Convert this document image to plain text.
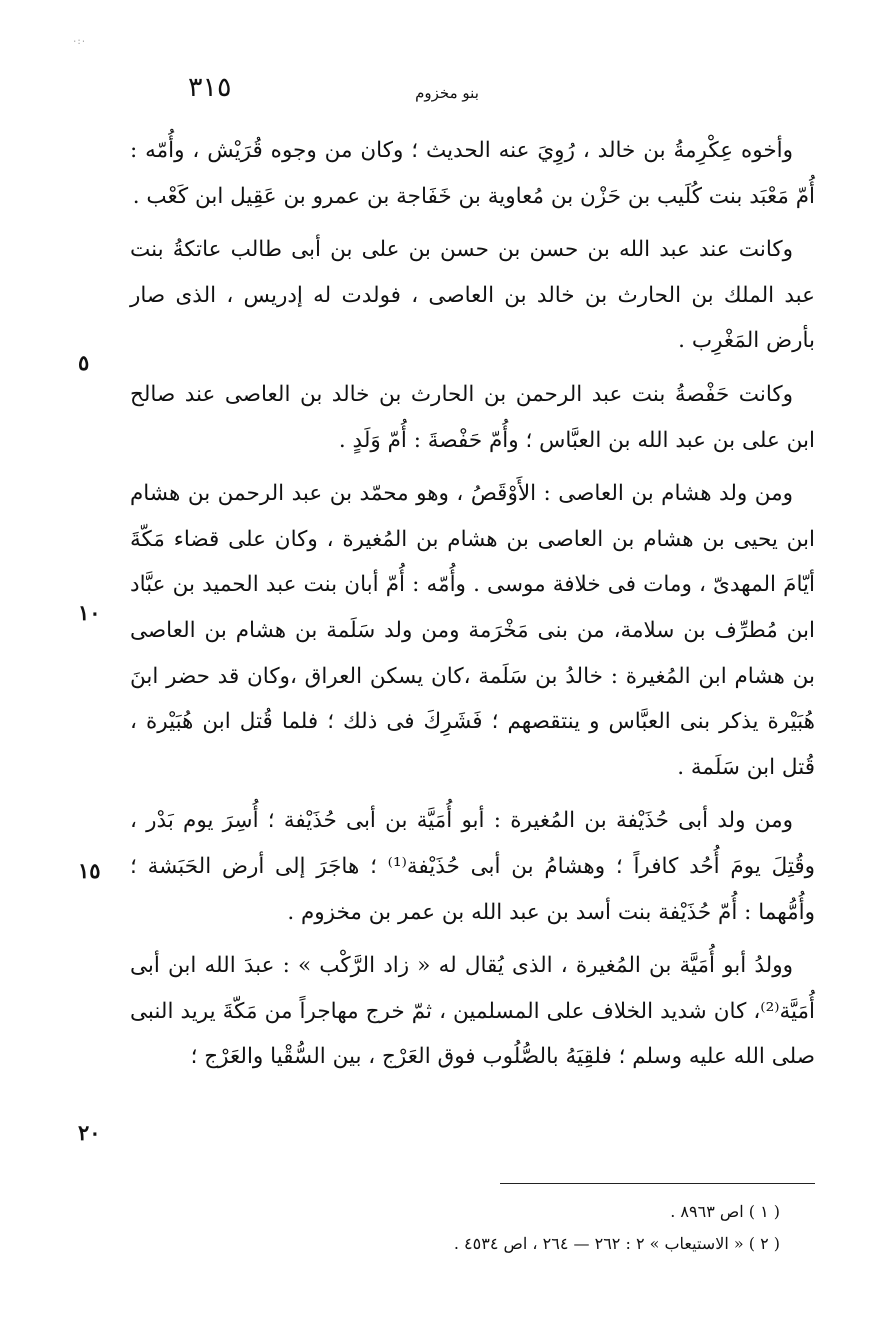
٠:٠
٣١٥	بنو مخزوم

وأخوه عِكْرِمةُ بن خالد ، رُوِيَ عنه الحديث ؛ وكان من وجوه قُرَيْش ، وأُمّه : أُمّ مَعْبَد بنت كُلَيب بن حَزْن بن مُعاوية بن خَفَاجة بن عمرو بن عَقِيل ابن كَعْب .

وكانت عند عبد الله بن حسن بن حسن بن على بن أبى طالب عاتكةُ بنت عبد الملك بن الحارث بن خالد بن العاصى ، فولدت له إدريس ، الذى صار بأرض المَغْرِب .

وكانت حَفْصةُ بنت عبد الرحمن بن الحارث بن خالد بن العاصى عند صالح ابن على بن عبد الله بن العبَّاس ؛ وأُمّ حَفْصةَ : أُمّ وَلَدٍ .

ومن ولد هشام بن العاصى : الأَوْقَصُ ، وهو محمّد بن عبد الرحمن بن هشام ابن يحيى بن هشام بن العاصى بن هشام بن المُغيرة ، وكان على قضاء مَكّةَ أيّامَ المهدىّ ، ومات فى خلافة موسى . وأُمّه : أُمّ أبان بنت عبد الحميد بن عبَّاد ابن مُطرِّف بن سلامة، من بنى مَخْرَمة ومن ولد سَلَمة بن هشام بن العاصى بن هشام ابن المُغيرة : خالدُ بن سَلَمة ،كان يسكن العراق ،وكان قد حضر ابنَ هُبَيْرة يذكر بنى العبَّاس و ينتقصهم ؛ فَشَرِكَ فى ذلك ؛ فلما قُتل ابن هُبَيْرة ، قُتل ابن سَلَمة .

ومن ولد أبى حُذَيْفة بن المُغيرة : أبو أُمَيَّة بن أبى حُذَيْفة ؛ أُسِرَ يوم بَدْر ، وقُتِلَ يومَ أُحُد كافراً ؛ وهشامُ بن أبى حُذَيْفة⁽¹⁾ ؛ هاجَرَ إلى أرض الحَبَشة ؛ وأُمُّهما : أُمّ حُذَيْفة بنت أسد بن عبد الله بن عمر بن مخزوم .

وولدُ أبو أُمَيَّة بن المُغيرة ، الذى يُقال له « زاد الرَّكْب » : عبدَ الله ابن أبى أُمَيَّة⁽²⁾، كان شديد الخلاف على المسلمين ، ثمّ خرج مهاجراً من مَكّةَ يريد النبى صلى الله عليه وسلم ؛ فلقِيَهُ بالصُّلُوب فوق العَرْج ، بين السُّقْيا والعَرْج ؛

٥
١٠
١٥
٢٠

( ١ ) اص ٨٩٦٣ .

( ٢ ) « الاستيعاب » ٢ : ٢٦٢ — ٢٦٤ ، اص ٤٥٣٤ .
